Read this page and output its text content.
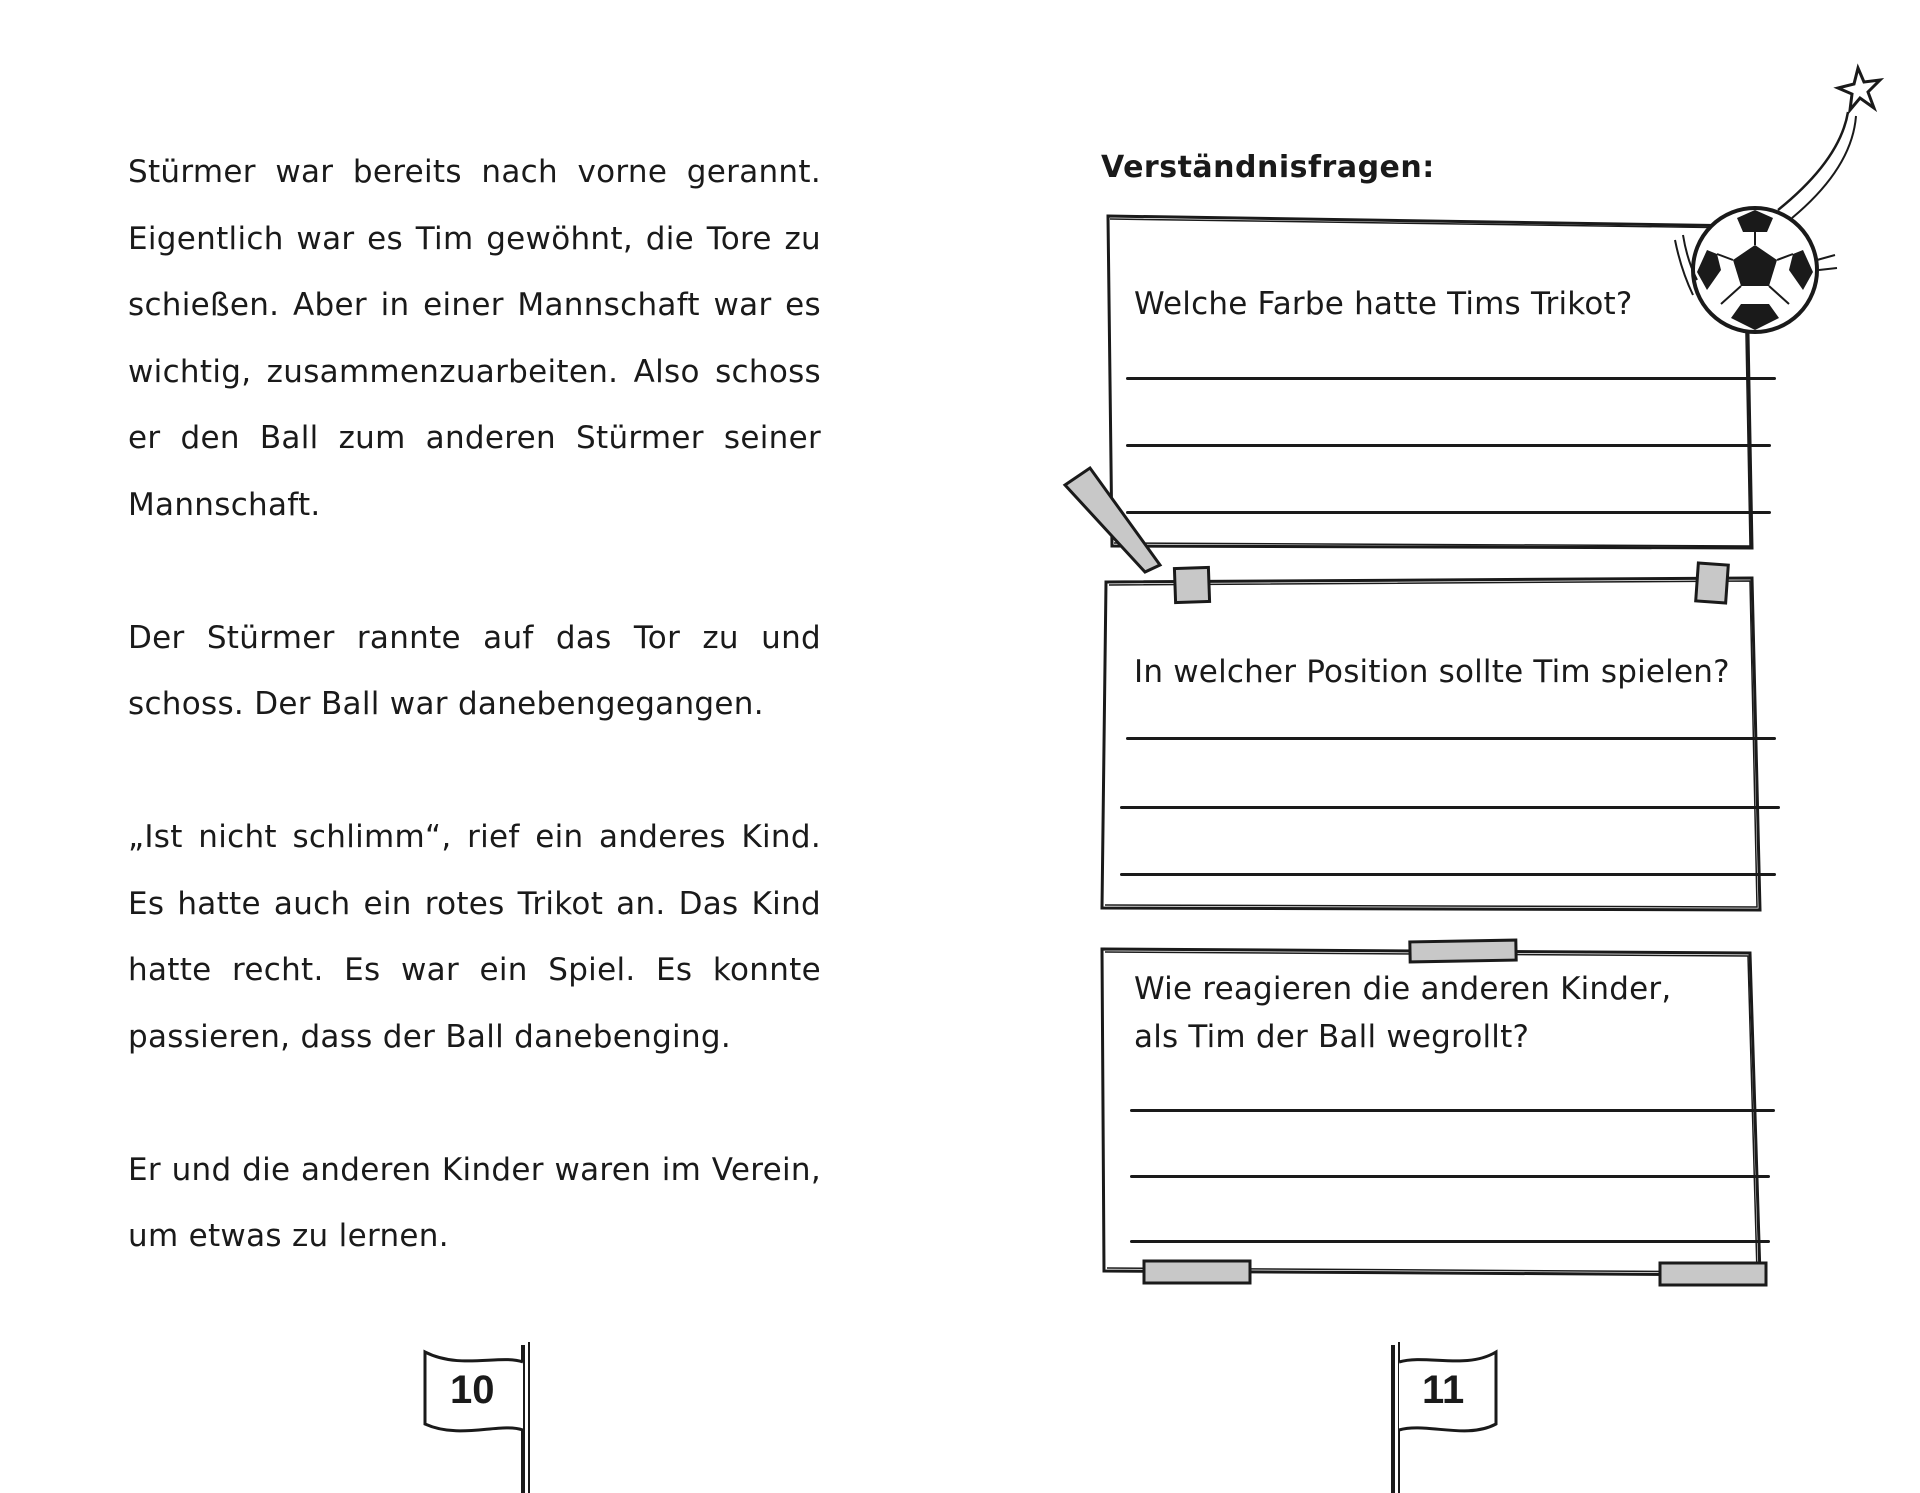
Stürmer war bereits nach vorne gerannt. Eigentlich war es Tim gewöhnt, die Tore zu schießen. Aber in einer Mannschaft war es wichtig, zusammenzuarbeiten. Also schoss er den Ball zum anderen Stürmer seiner Mannschaft.

Der Stürmer rannte auf das Tor zu und schoss. Der Ball war danebengegangen.

„Ist nicht schlimm“, rief ein anderes Kind. Es hatte auch ein rotes Trikot an. Das Kind hatte recht. Es war ein Spiel. Es konnte passieren, dass der Ball danebenging.

Er und die anderen Kinder waren im Verein, um etwas zu lernen.

10
Verständnisfragen:
Welche Farbe hatte Tims Trikot?
In welcher Position sollte Tim spielen?
Wie reagieren die anderen Kinder,
als Tim der Ball wegrollt?
11
